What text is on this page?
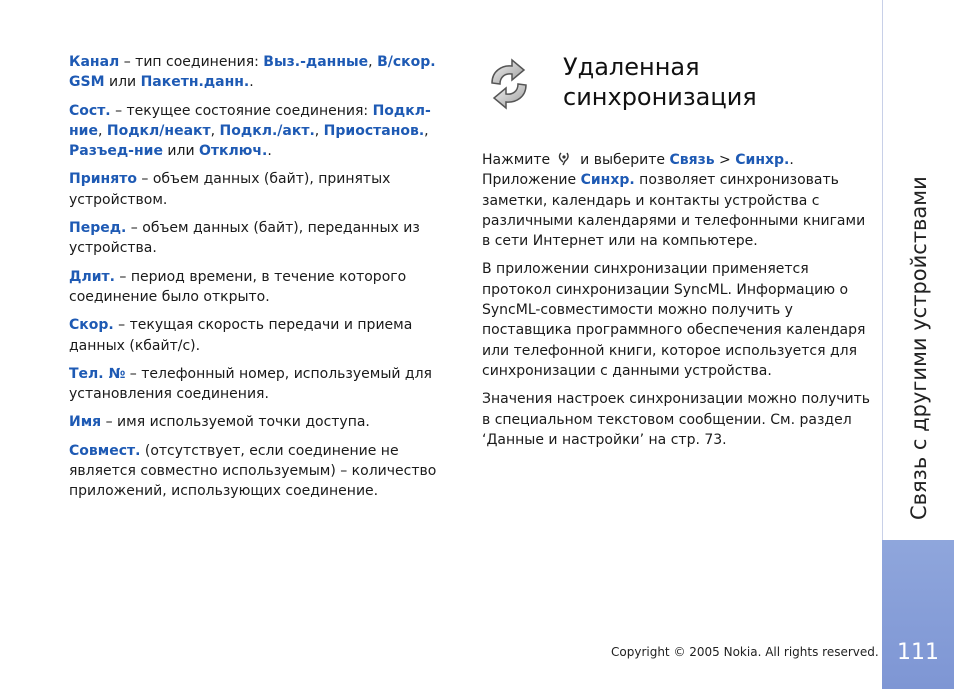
Канал – тип соединения: Выз.-данные, В/скор. GSM или Пакетн.данн..

Сост. – текущее состояние соединения: Подкл-ние, Подкл/неакт, Подкл./акт., Приостанов., Разъед-ние или Отключ..

Принято – объем данных (байт), принятых устройством.

Перед. – объем данных (байт), переданных из устройства.

Длит. – период времени, в течение которого соединение было открыто.

Скор. – текущая скорость передачи и приема данных (кбайт/с).

Тел. № – телефонный номер, используемый для установления соединения.

Имя – имя используемой точки доступа.

Совмест. (отсутствует, если соединение не является совместно используемым) – количество приложений, использующих соединение.

Удаленная синхронизация

Нажмите и выберите Связь > Синхр.. Приложение Синхр. позволяет синхронизовать заметки, календарь и контакты устройства с различными календарями и телефонными книгами в сети Интернет или на компьютере.

В приложении синхронизации применяется протокол синхронизации SyncML. Информацию о SyncML-совместимости можно получить у поставщика программного обеспечения календаря или телефонной книги, которое используется для синхронизации с данными устройства.

Значения настроек синхронизации можно получить в специальном текстовом сообщении. См. раздел ‘Данные и настройки’ на стр. 73.

Copyright © 2005 Nokia. All rights reserved.
Связь с другими устройствами
111
